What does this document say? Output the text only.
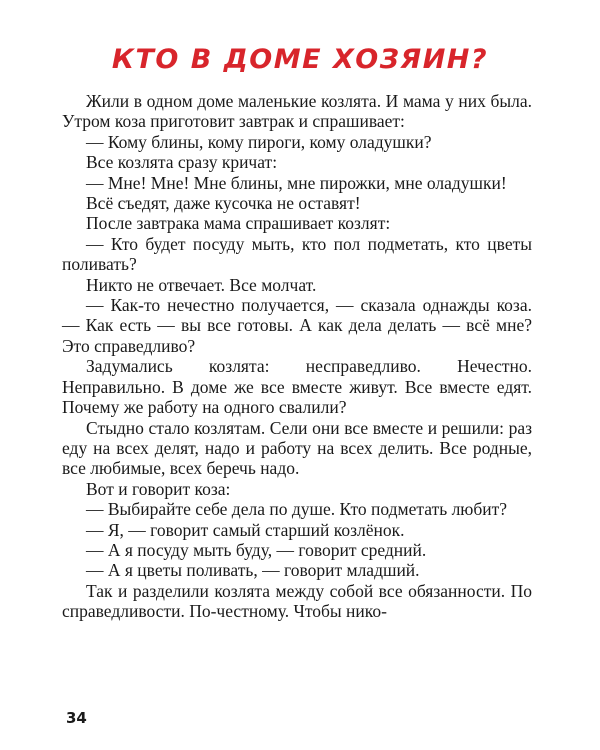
КТО В ДОМЕ ХОЗЯИН?

Жили в одном доме маленькие козлята. И мама у них была. Утром коза приготовит завтрак и спрашивает:

— Кому блины, кому пироги, кому оладушки?

Все козлята сразу кричат:

— Мне! Мне! Мне блины, мне пирожки, мне оладушки!

Всё съедят, даже кусочка не оставят!

После завтрака мама спрашивает козлят:

— Кто будет посуду мыть, кто пол подметать, кто цветы поливать?

Никто не отвечает. Все молчат.

— Как-то нечестно получается, — сказала однажды коза. — Как есть — вы все готовы. А как дела делать — всё мне? Это справедливо?

Задумались козлята: несправедливо. Нечестно. Неправильно. В доме же все вместе живут. Все вместе едят. Почему же работу на одного свалили?

Стыдно стало козлятам. Сели они все вместе и решили: раз еду на всех делят, надо и работу на всех делить. Все родные, все любимые, всех беречь надо.

Вот и говорит коза:

— Выбирайте себе дела по душе. Кто подметать любит?

— Я, — говорит самый старший козлёнок.

— А я посуду мыть буду, — говорит средний.

— А я цветы поливать, — говорит младший.

Так и разделили козлята между собой все обязанности. По справедливости. По-честному. Чтобы нико-

34
